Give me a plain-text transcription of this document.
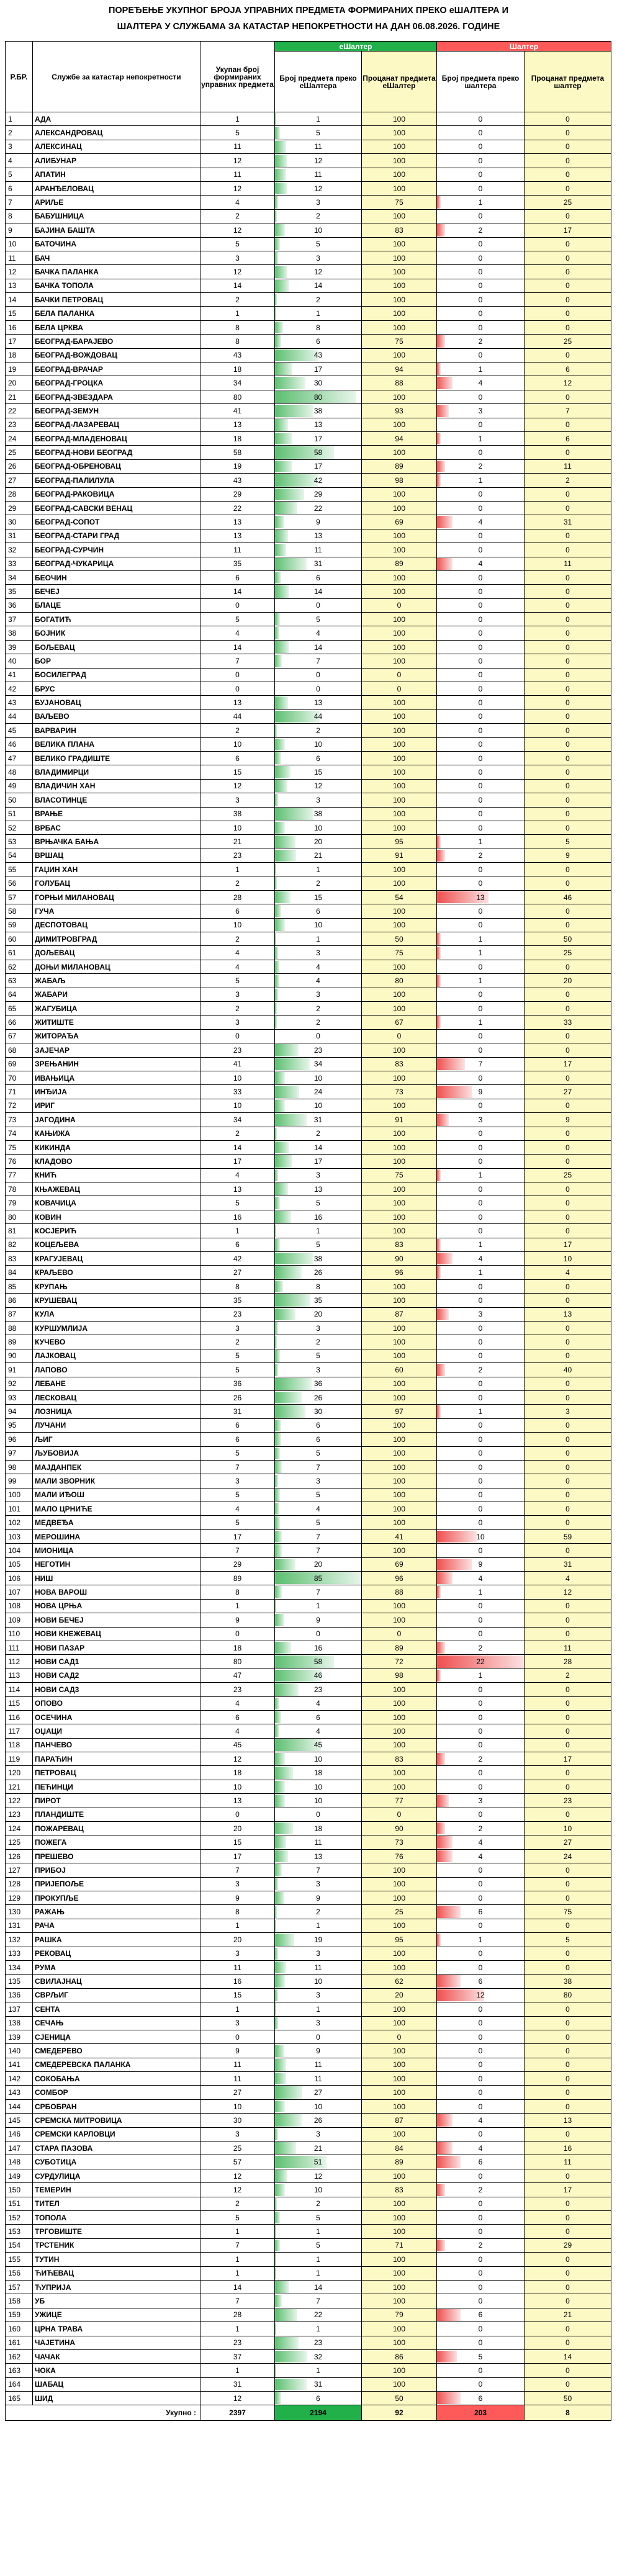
ПОРЕЂЕЊЕ УКУПНОГ БРОЈА УПРАВНИХ ПРЕДМЕТА ФОРМИРАНИХ ПРЕКО еШАЛТЕРА И
ШАЛТЕРА У СЛУЖБАМА ЗА КАТАСТАР НЕПОКРЕТНОСТИ НА ДАН 06.08.2026. ГОДИНЕ
Р.БР.	Службе за катастар непокретности	Укупан број формираних управних предмета	еШалтер		Шалтер	
			Број предмета преко еШалтера	Процанат предмета еШалтер	Број предмета преко шалтера	Процанат предмета шалтер
1	АДА	1	1	100	0	0
2	АЛЕКСАНДРОВАЦ	5	5	100	0	0
3	АЛЕКСИНАЦ	11	11	100	0	0
4	АЛИБУНАР	12	12	100	0	0
5	АПАТИН	11	11	100	0	0
6	АРАНЂЕЛОВАЦ	12	12	100	0	0
7	АРИЉЕ	4	3	75	1	25
8	БАБУШНИЦА	2	2	100	0	0
9	БАЈИНА БАШТА	12	10	83	2	17
10	БАТОЧИНА	5	5	100	0	0
11	БАЧ	3	3	100	0	0
12	БАЧКА ПАЛАНКА	12	12	100	0	0
13	БАЧКА ТОПОЛА	14	14	100	0	0
14	БАЧКИ ПЕТРОВАЦ	2	2	100	0	0
15	БЕЛА ПАЛАНКА	1	1	100	0	0
16	БЕЛА ЦРКВА	8	8	100	0	0
17	БЕОГРАД-БАРАЈЕВО	8	6	75	2	25
18	БЕОГРАД-ВОЖДОВАЦ	43	43	100	0	0
19	БЕОГРАД-ВРАЧАР	18	17	94	1	6
20	БЕОГРАД-ГРОЦКА	34	30	88	4	12
21	БЕОГРАД-ЗВЕЗДАРА	80	80	100	0	0
22	БЕОГРАД-ЗЕМУН	41	38	93	3	7
23	БЕОГРАД-ЛАЗАРЕВАЦ	13	13	100	0	0
24	БЕОГРАД-МЛАДЕНОВАЦ	18	17	94	1	6
25	БЕОГРАД-НОВИ БЕОГРАД	58	58	100	0	0
26	БЕОГРАД-ОБРЕНОВАЦ	19	17	89	2	11
27	БЕОГРАД-ПАЛИЛУЛА	43	42	98	1	2
28	БЕОГРАД-РАКОВИЦА	29	29	100	0	0
29	БЕОГРАД-САВСКИ ВЕНАЦ	22	22	100	0	0
30	БЕОГРАД-СОПОТ	13	9	69	4	31
31	БЕОГРАД-СТАРИ ГРАД	13	13	100	0	0
32	БЕОГРАД-СУРЧИН	11	11	100	0	0
33	БЕОГРАД-ЧУКАРИЦА	35	31	89	4	11
34	БЕОЧИН	6	6	100	0	0
35	БЕЧЕЈ	14	14	100	0	0
36	БЛАЦЕ	0	0	0	0	0
37	БОГАТИЋ	5	5	100	0	0
38	БОЈНИК	4	4	100	0	0
39	БОЉЕВАЦ	14	14	100	0	0
40	БОР	7	7	100	0	0
41	БОСИЛЕГРАД	0	0	0	0	0
42	БРУС	0	0	0	0	0
43	БУЈАНОВАЦ	13	13	100	0	0
44	ВАЉЕВО	44	44	100	0	0
45	ВАРВАРИН	2	2	100	0	0
46	ВЕЛИКА ПЛАНА	10	10	100	0	0
47	ВЕЛИКО ГРАДИШТЕ	6	6	100	0	0
48	ВЛАДИМИРЦИ	15	15	100	0	0
49	ВЛАДИЧИН ХАН	12	12	100	0	0
50	ВЛАСОТИНЦЕ	3	3	100	0	0
51	ВРАЊЕ	38	38	100	0	0
52	ВРБАС	10	10	100	0	0
53	ВРЊАЧКА БАЊА	21	20	95	1	5
54	ВРШАЦ	23	21	91	2	9
55	ГАЏИН ХАН	1	1	100	0	0
56	ГОЛУБАЦ	2	2	100	0	0
57	ГОРЊИ МИЛАНОВАЦ	28	15	54	13	46
58	ГУЧА	6	6	100	0	0
59	ДЕСПОТОВАЦ	10	10	100	0	0
60	ДИМИТРОВГРАД	2	1	50	1	50
61	ДОЉЕВАЦ	4	3	75	1	25
62	ДОЊИ МИЛАНОВАЦ	4	4	100	0	0
63	ЖАБАЉ	5	4	80	1	20
64	ЖАБАРИ	3	3	100	0	0
65	ЖАГУБИЦА	2	2	100	0	0
66	ЖИТИШТЕ	3	2	67	1	33
67	ЖИТОРАЂА	0	0	0	0	0
68	ЗАЈЕЧАР	23	23	100	0	0
69	ЗРЕЊАНИН	41	34	83	7	17
70	ИВАЊИЦА	10	10	100	0	0
71	ИНЂИЈА	33	24	73	9	27
72	ИРИГ	10	10	100	0	0
73	ЈАГОДИНА	34	31	91	3	9
74	КАЊИЖА	2	2	100	0	0
75	КИКИНДА	14	14	100	0	0
76	КЛАДОВО	17	17	100	0	0
77	КНИЋ	4	3	75	1	25
78	КЊАЖЕВАЦ	13	13	100	0	0
79	КОВАЧИЦА	5	5	100	0	0
80	КОВИН	16	16	100	0	0
81	КОСЈЕРИЋ	1	1	100	0	0
82	КОЦЕЉЕВА	6	5	83	1	17
83	КРАГУЈЕВАЦ	42	38	90	4	10
84	КРАЉЕВО	27	26	96	1	4
85	КРУПАЊ	8	8	100	0	0
86	КРУШЕВАЦ	35	35	100	0	0
87	КУЛА	23	20	87	3	13
88	КУРШУМЛИЈА	3	3	100	0	0
89	КУЧЕВО	2	2	100	0	0
90	ЛАЈКОВАЦ	5	5	100	0	0
91	ЛАПОВО	5	3	60	2	40
92	ЛЕБАНЕ	36	36	100	0	0
93	ЛЕСКОВАЦ	26	26	100	0	0
94	ЛОЗНИЦА	31	30	97	1	3
95	ЛУЧАНИ	6	6	100	0	0
96	ЉИГ	6	6	100	0	0
97	ЉУБОВИЈА	5	5	100	0	0
98	МАЈДАНПЕК	7	7	100	0	0
99	МАЛИ ЗВОРНИК	3	3	100	0	0
100	МАЛИ ИЂОШ	5	5	100	0	0
101	МАЛО ЦРНИЋЕ	4	4	100	0	0
102	МЕДВЕЂА	5	5	100	0	0
103	МЕРОШИНА	17	7	41	10	59
104	МИОНИЦА	7	7	100	0	0
105	НЕГОТИН	29	20	69	9	31
106	НИШ	89	85	96	4	4
107	НОВА ВАРОШ	8	7	88	1	12
108	НОВА ЦРЊА	1	1	100	0	0
109	НОВИ БЕЧЕЈ	9	9	100	0	0
110	НОВИ КНЕЖЕВАЦ	0	0	0	0	0
111	НОВИ ПАЗАР	18	16	89	2	11
112	НОВИ САД1	80	58	72	22	28
113	НОВИ САД2	47	46	98	1	2
114	НОВИ САД3	23	23	100	0	0
115	ОПОВО	4	4	100	0	0
116	ОСЕЧИНА	6	6	100	0	0
117	ОЏАЦИ	4	4	100	0	0
118	ПАНЧЕВО	45	45	100	0	0
119	ПАРАЋИН	12	10	83	2	17
120	ПЕТРОВАЦ	18	18	100	0	0
121	ПЕЋИНЦИ	10	10	100	0	0
122	ПИРОТ	13	10	77	3	23
123	ПЛАНДИШТЕ	0	0	0	0	0
124	ПОЖАРЕВАЦ	20	18	90	2	10
125	ПОЖЕГА	15	11	73	4	27
126	ПРЕШЕВО	17	13	76	4	24
127	ПРИБОЈ	7	7	100	0	0
128	ПРИЈЕПОЉЕ	3	3	100	0	0
129	ПРОКУПЉЕ	9	9	100	0	0
130	РАЖАЊ	8	2	25	6	75
131	РАЧА	1	1	100	0	0
132	РАШКА	20	19	95	1	5
133	РЕКОВАЦ	3	3	100	0	0
134	РУМА	11	11	100	0	0
135	СВИЛАЈНАЦ	16	10	62	6	38
136	СВРЉИГ	15	3	20	12	80
137	СЕНТА	1	1	100	0	0
138	СЕЧАЊ	3	3	100	0	0
139	СЈЕНИЦА	0	0	0	0	0
140	СМЕДЕРЕВО	9	9	100	0	0
141	СМЕДЕРЕВСКА ПАЛАНКА	11	11	100	0	0
142	СОКОБАЊА	11	11	100	0	0
143	СОМБОР	27	27	100	0	0
144	СРБОБРАН	10	10	100	0	0
145	СРЕМСКА МИТРОВИЦА	30	26	87	4	13
146	СРЕМСКИ КАРЛОВЦИ	3	3	100	0	0
147	СТАРА ПАЗОВА	25	21	84	4	16
148	СУБОТИЦА	57	51	89	6	11
149	СУРДУЛИЦА	12	12	100	0	0
150	ТЕМЕРИН	12	10	83	2	17
151	ТИТЕЛ	2	2	100	0	0
152	ТОПОЛА	5	5	100	0	0
153	ТРГОВИШТЕ	1	1	100	0	0
154	ТРСТЕНИК	7	5	71	2	29
155	ТУТИН	1	1	100	0	0
156	ЋИЋЕВАЦ	1	1	100	0	0
157	ЋУПРИЈА	14	14	100	0	0
158	УБ	7	7	100	0	0
159	УЖИЦЕ	28	22	79	6	21
160	ЦРНА ТРАВА	1	1	100	0	0
161	ЧАЈЕТИНА	23	23	100	0	0
162	ЧАЧАК	37	32	86	5	14
163	ЧОКА	1	1	100	0	0
164	ШАБАЦ	31	31	100	0	0
165	ШИД	12	6	50	6	50
Укупно :		2397	2194	92	203	8
